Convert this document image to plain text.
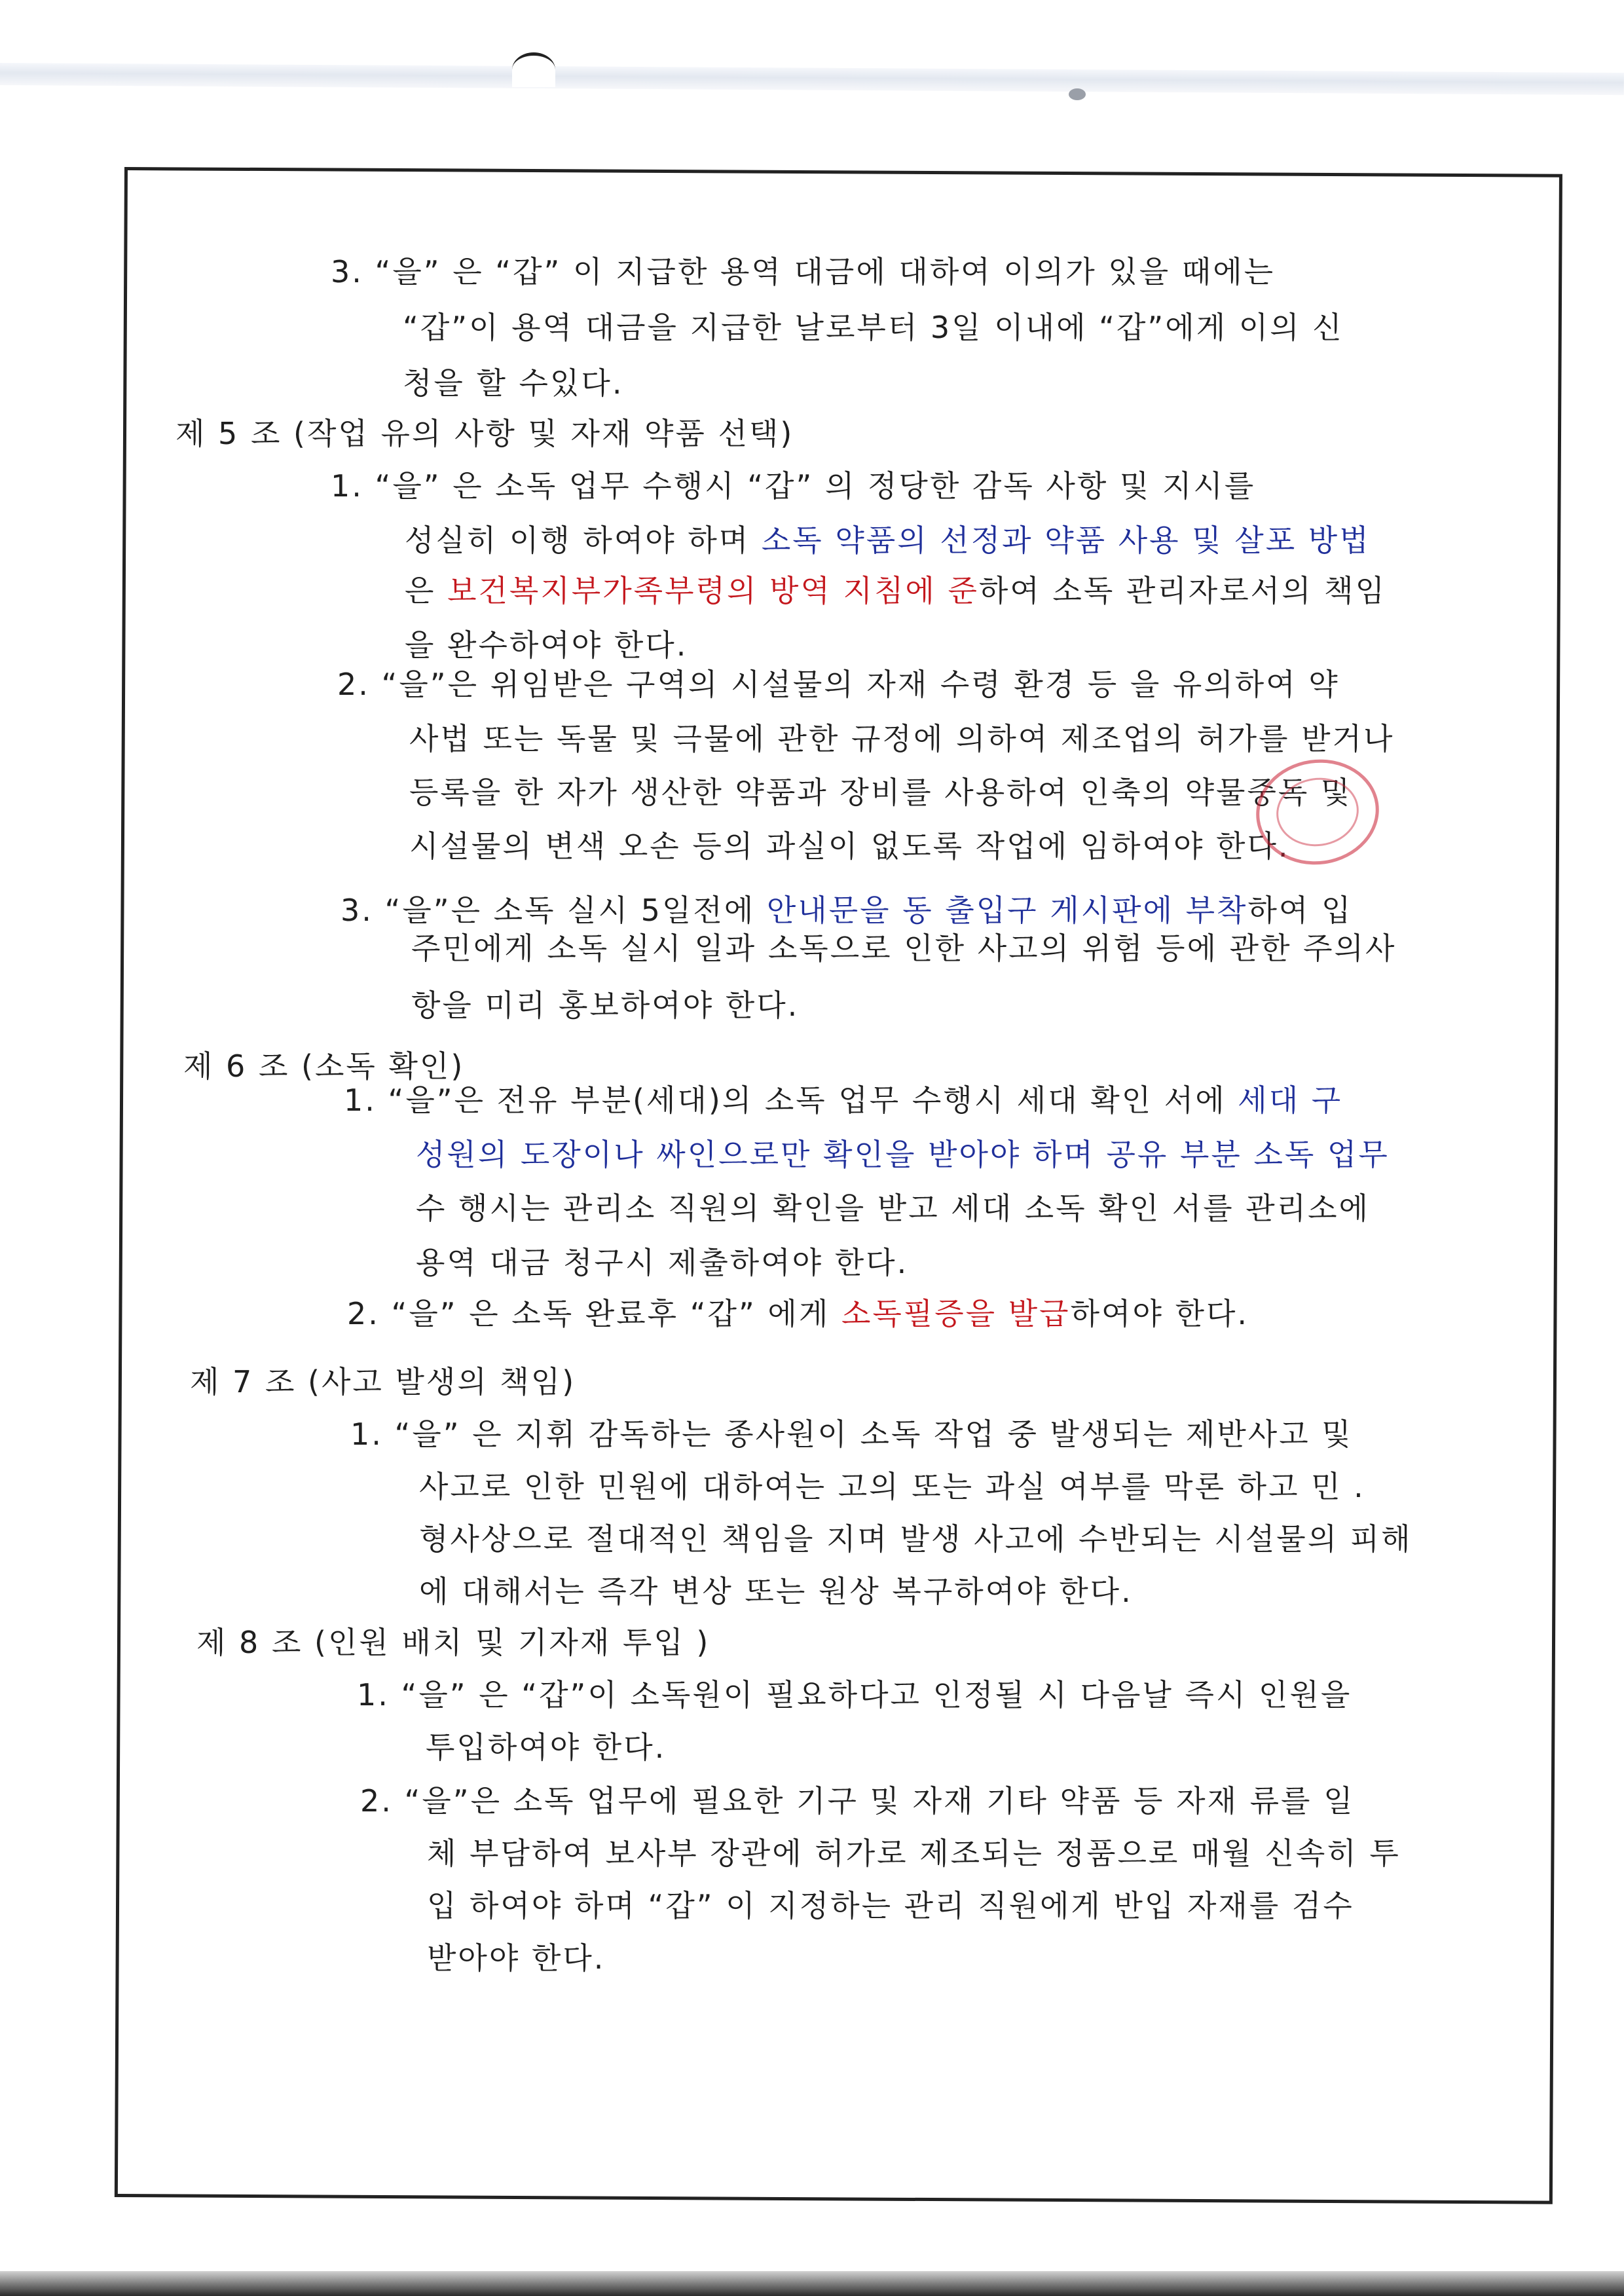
3. “을” 은 “갑” 이 지급한 용역 대금에 대하여 이의가 있을 때에는
“갑”이 용역 대금을 지급한 날로부터 3일 이내에 “갑”에게 이의 신
청을 할 수있다.
제 5 조 (작업 유의 사항 및 자재 약품 선택)
1. “을” 은 소독 업무 수행시 “갑” 의 정당한 감독 사항 및 지시를
성실히 이행 하여야 하며 소독 약품의 선정과 약품 사용 및 살포 방법
은 보건복지부가족부령의 방역 지침에 준하여 소독 관리자로서의 책임
을 완수하여야 한다.
2. “을”은 위임받은 구역의 시설물의 자재 수령 환경 등 을 유의하여 약
사법 또는 독물 및 극물에 관한 규정에 의하여 제조업의 허가를 받거나
등록을 한 자가 생산한 약품과 장비를 사용하여 인축의 약물중독 및
시설물의 변색 오손 등의 과실이 없도록 작업에 임하여야 한다.
3. “을”은 소독 실시 5일전에 안내문을 동 출입구 게시판에 부착하여 입
주민에게 소독 실시 일과 소독으로 인한 사고의 위험 등에 관한 주의사
항을 미리 홍보하여야 한다.
제 6 조 (소독 확인)
1. “을”은 전유 부분(세대)의 소독 업무 수행시 세대 확인 서에 세대 구
성원의 도장이나 싸인으로만 확인을 받아야 하며 공유 부분 소독 업무
수 행시는 관리소 직원의 확인을 받고 세대 소독 확인 서를 관리소에
용역 대금 청구시 제출하여야 한다.
2. “을” 은 소독 완료후 “갑” 에게 소독필증을 발급하여야 한다.
제 7 조 (사고 발생의 책임)
1. “을” 은 지휘 감독하는 종사원이 소독 작업 중 발생되는 제반사고 및
사고로 인한 민원에 대하여는 고의 또는 과실 여부를 막론 하고 민 .
형사상으로 절대적인 책임을 지며 발생 사고에 수반되는 시설물의 피해
에 대해서는 즉각 변상 또는 원상 복구하여야 한다.
제 8 조 (인원 배치 및 기자재 투입 )
1. “을” 은 “갑”이 소독원이 필요하다고 인정될 시 다음날 즉시 인원을
투입하여야 한다.
2. “을”은 소독 업무에 필요한 기구 및 자재 기타 약품 등 자재 류를 일
체 부담하여 보사부 장관에 허가로 제조되는 정품으로 매월 신속히 투
입 하여야 하며 “갑” 이 지정하는 관리 직원에게 반입 자재를 검수
받아야 한다.
